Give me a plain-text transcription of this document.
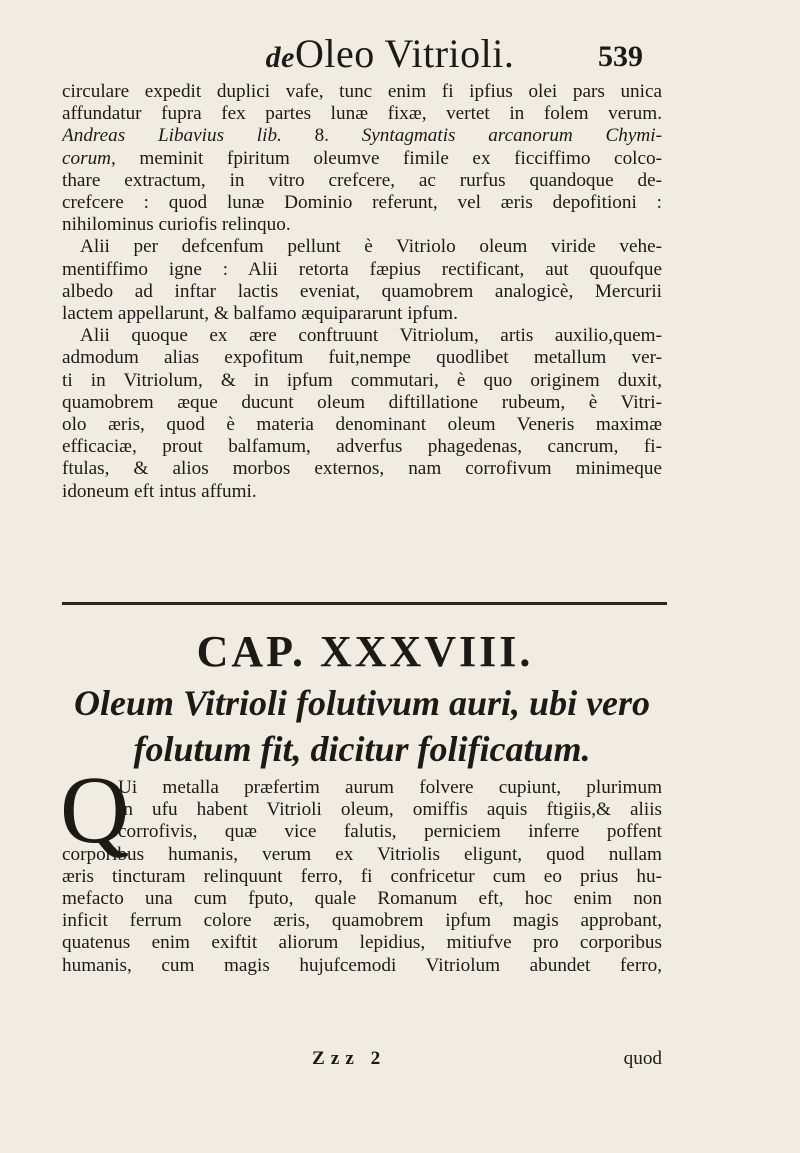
deOleo Vitrioli.	539
circulare expedit duplici vafe, tunc enim fi ipfius olei pars unica
affundatur fupra fex partes lunæ fixæ, vertet in folem verum.
Andreas Libavius lib. 8. Syntagmatis arcanorum Chymi-
corum, meminit fpiritum oleumve fimile ex ficciffimo colco-
thare extractum, in vitro crefcere, ac rurfus quandoque de-
crefcere : quod lunæ Dominio referunt, vel æris depofitioni :
nihilominus curiofis relinquo.
Alii per defcenfum pellunt è Vitriolo oleum viride vehe-
mentiffimo igne : Alii retorta fæpius rectificant, aut quoufque
albedo ad inftar lactis eveniat, quamobrem analogicè, Mercurii
lactem appellarunt, & balfamo æquipararunt ipfum.
Alii quoque ex ære conftruunt Vitriolum, artis auxilio,quem-
admodum alias expofitum fuit,nempe quodlibet metallum ver-
ti in Vitriolum, & in ipfum commutari, è quo originem duxit,
quamobrem æque ducunt oleum diftillatione rubeum, è Vitri-
olo æris, quod è materia denominant oleum Veneris maximæ
efficaciæ, prout balfamum, adverfus phagedenas, cancrum, fi-
ftulas, & alios morbos externos, nam corrofivum minimeque
idoneum eft intus affumi.
CAP. XXXVIII.
Oleum Vitrioli folutivum auri, ubi vero
folutum fit, dicitur folificatum.
Q
Ui metalla præfertim aurum folvere cupiunt, plurimum
in ufu habent Vitrioli oleum, omiffis aquis ftigiis,& aliis
corrofivis, quæ vice falutis, perniciem inferre poffent
corporibus humanis, verum ex Vitriolis eligunt, quod nullam
æris tincturam relinquunt ferro, fi confricetur cum eo prius hu-
mefacto una cum fputo, quale Romanum eft, hoc enim non
inficit ferrum colore æris, quamobrem ipfum magis approbant,
quatenus enim exiftit aliorum lepidius, mitiufve pro corporibus
humanis, cum magis hujufcemodi Vitriolum abundet ferro,
Zzz 2	quod
